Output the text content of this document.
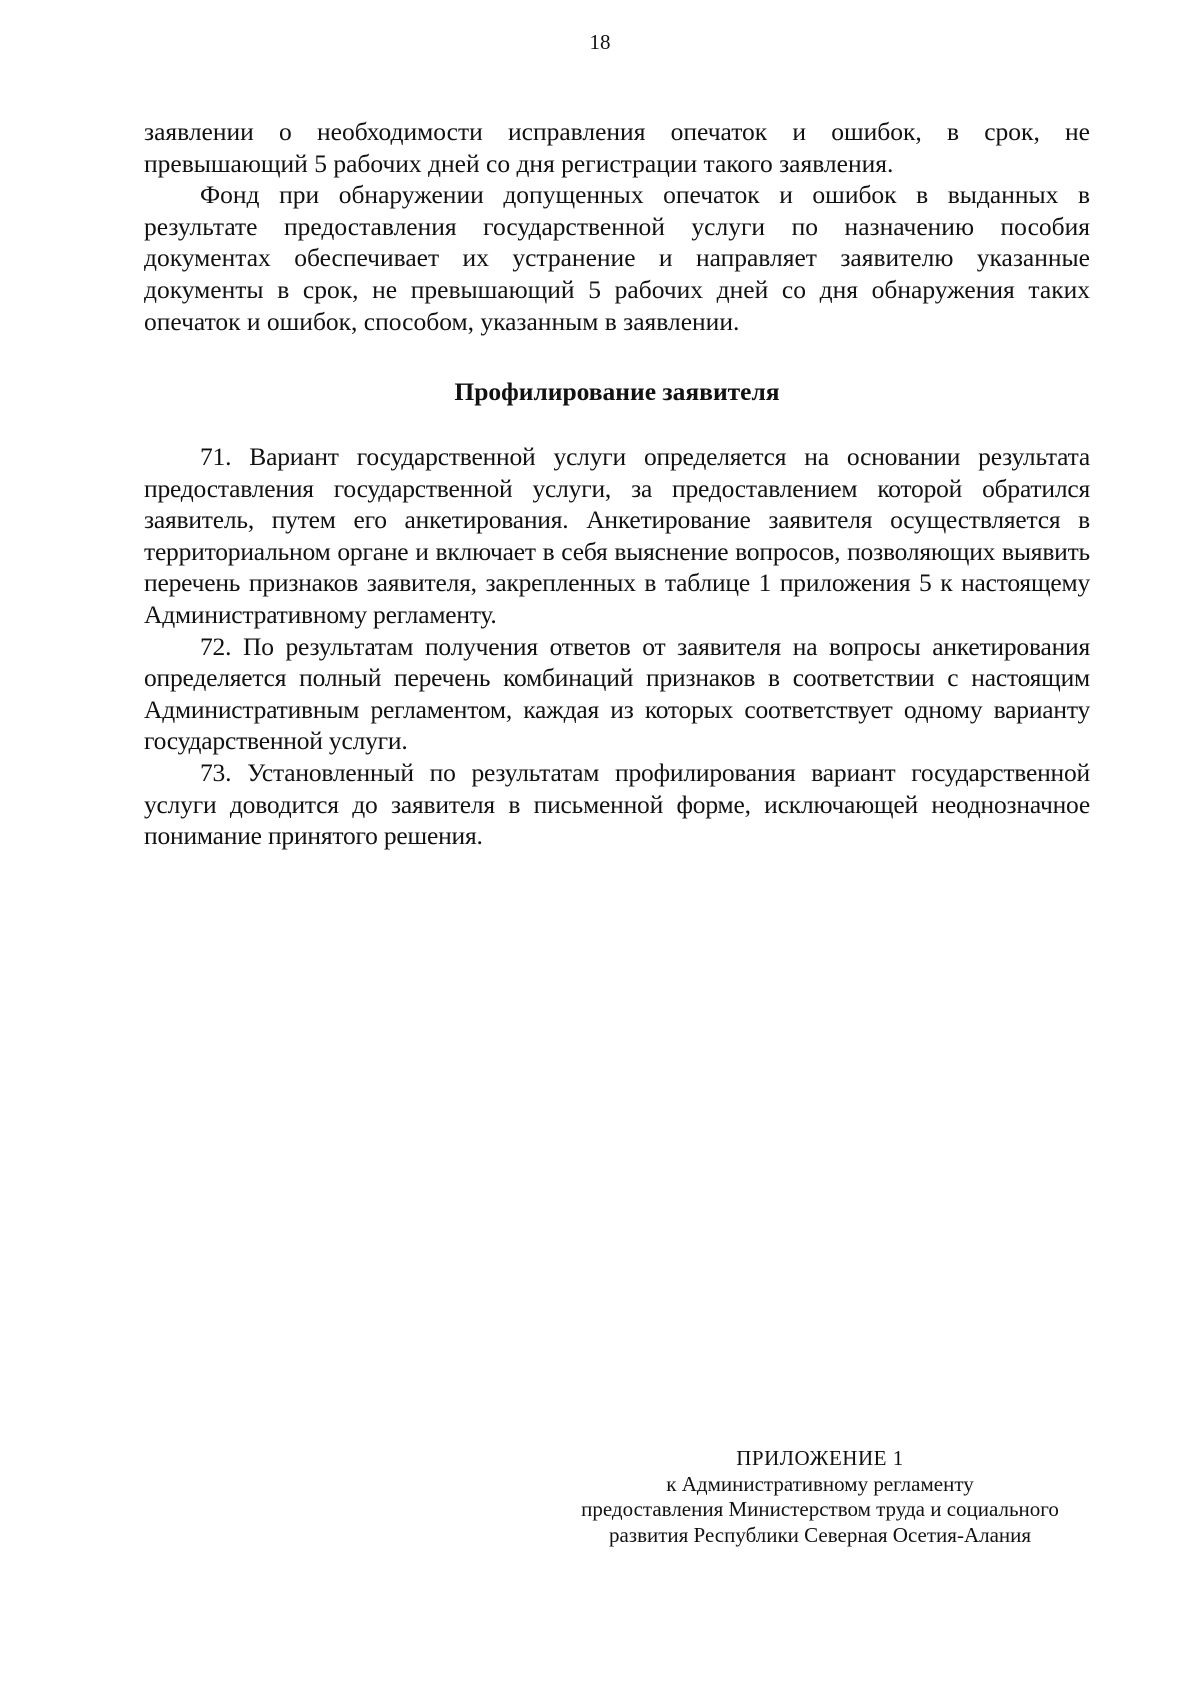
18

заявлении о необходимости исправления опечаток и ошибок, в срок, не превышающий 5 рабочих дней со дня регистрации такого заявления.

Фонд при обнаружении допущенных опечаток и ошибок в выданных в результате предоставления государственной услуги по назначению пособия документах обеспечивает их устранение и направляет заявителю указанные документы в срок, не превышающий 5 рабочих дней со дня обнаружения таких опечаток и ошибок, способом, указанным в заявлении.

Профилирование заявителя

71. Вариант государственной услуги определяется на основании результата предоставления государственной услуги, за предоставлением которой обратился заявитель, путем его анкетирования. Анкетирование заявителя осуществляется в территориальном органе и включает в себя выяснение вопросов, позволяющих выявить перечень признаков заявителя, закрепленных в таблице 1 приложения 5 к настоящему Административному регламенту.

72. По результатам получения ответов от заявителя на вопросы анкетирования определяется полный перечень комбинаций признаков в соответствии с настоящим Административным регламентом, каждая из которых соответствует одному варианту государственной услуги.

73. Установленный по результатам профилирования вариант государственной услуги доводится до заявителя в письменной форме, исключающей неоднозначное понимание принятого решения.

ПРИЛОЖЕНИЕ 1
к Административному регламенту
предоставления Министерством труда и социального
развития Республики Северная Осетия-Алания
